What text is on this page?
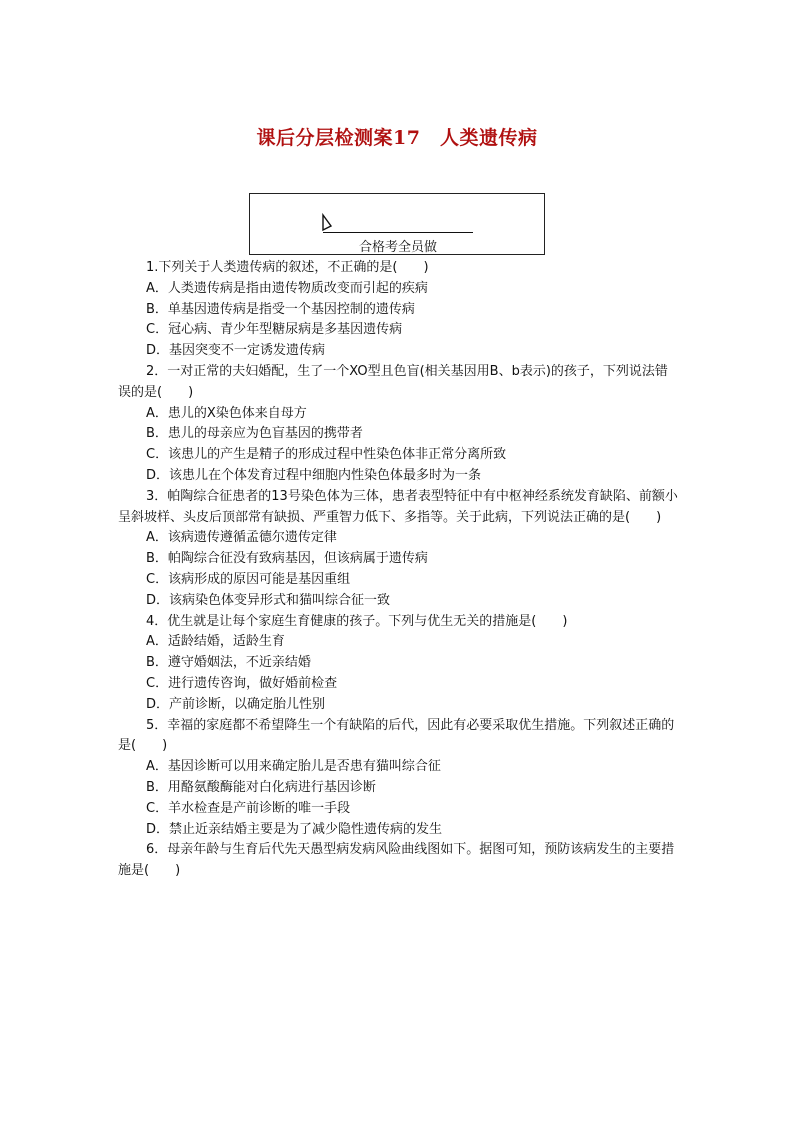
课后分层检测案17　人类遗传病
合格考全员做

1.下列关于人类遗传病的叙述，不正确的是(　　)

A．人类遗传病是指由遗传物质改变而引起的疾病

B．单基因遗传病是指受一个基因控制的遗传病

C．冠心病、青少年型糖尿病是多基因遗传病

D．基因突变不一定诱发遗传病

2．一对正常的夫妇婚配，生了一个XO型且色盲(相关基因用B、b表示)的孩子，下列说法错误的是(　　)

A．患儿的X染色体来自母方

B．患儿的母亲应为色盲基因的携带者

C．该患儿的产生是精子的形成过程中性染色体非正常分离所致

D．该患儿在个体发育过程中细胞内性染色体最多时为一条

3．帕陶综合征患者的13号染色体为三体，患者表型特征中有中枢神经系统发育缺陷、前额小呈斜坡样、头皮后顶部常有缺损、严重智力低下、多指等。关于此病，下列说法正确的是(　　)

A．该病遗传遵循孟德尔遗传定律

B．帕陶综合征没有致病基因，但该病属于遗传病

C．该病形成的原因可能是基因重组

D．该病染色体变异形式和猫叫综合征一致

4．优生就是让每个家庭生育健康的孩子。下列与优生无关的措施是(　　)

A．适龄结婚，适龄生育

B．遵守婚姻法，不近亲结婚

C．进行遗传咨询，做好婚前检查

D．产前诊断，以确定胎儿性别

5．幸福的家庭都不希望降生一个有缺陷的后代，因此有必要采取优生措施。下列叙述正确的是(　　)

A．基因诊断可以用来确定胎儿是否患有猫叫综合征

B．用酪氨酸酶能对白化病进行基因诊断

C．羊水检查是产前诊断的唯一手段

D．禁止近亲结婚主要是为了减少隐性遗传病的发生

6．母亲年龄与生育后代先天愚型病发病风险曲线图如下。据图可知，预防该病发生的主要措施是(　　)
